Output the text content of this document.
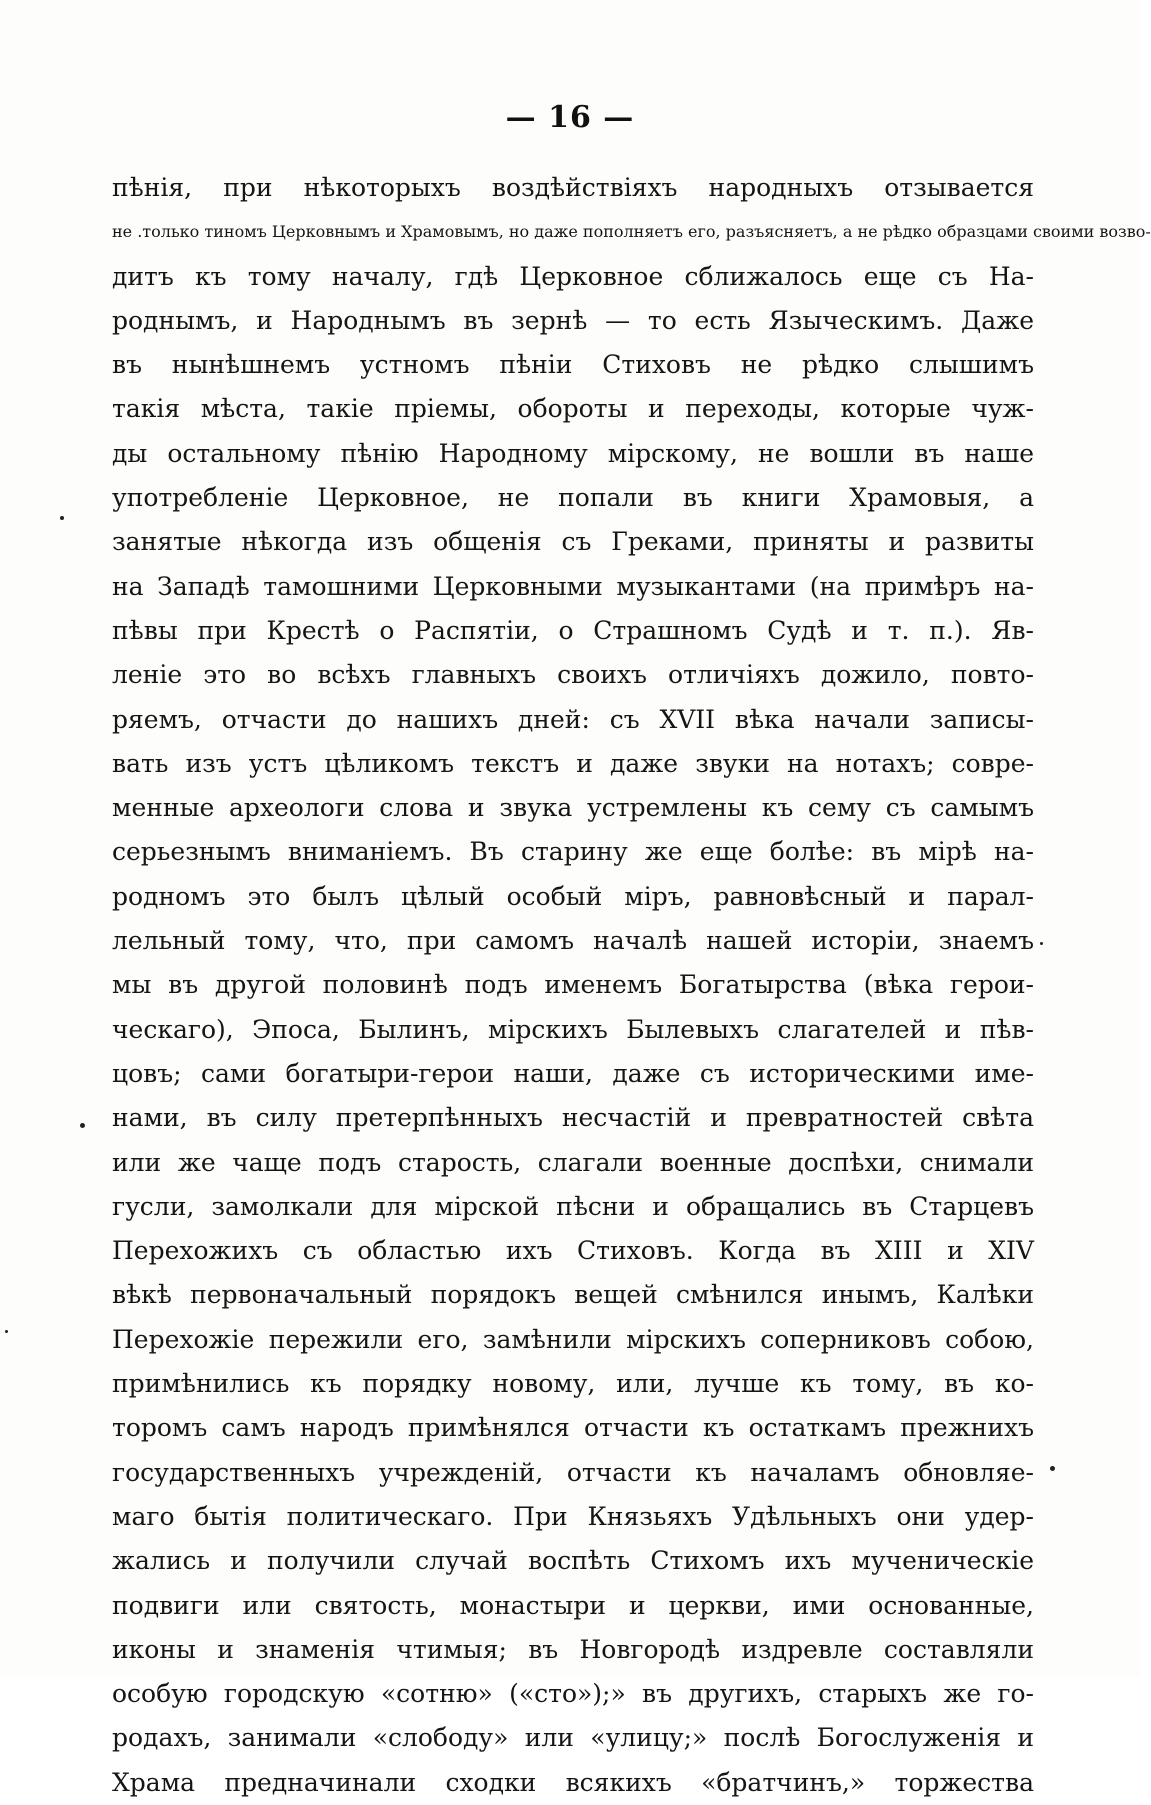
— 16 —
пѣнія, при нѣкоторыхъ воздѣйствіяхъ народныхъ отзывается
не .только тиномъ Церковнымъ и Храмовымъ, но даже пополняетъ его, разъясняетъ, а не рѣдко образцами своими возво-
дитъ къ тому началу, гдѣ Церковное сближалось еще съ На-
роднымъ, и Народнымъ въ зернѣ — то есть Языческимъ. Даже
въ нынѣшнемъ устномъ пѣніи Стиховъ не рѣдко слышимъ
такія мѣста, такіе пріемы, обороты и переходы, которые чуж-
ды остальному пѣнію Народному мірскому, не вошли въ наше
употребленіе Церковное, не попали въ книги Храмовыя, а
занятые нѣкогда изъ общенія съ Греками, приняты и развиты
на Западѣ тамошними Церковными музыкантами (на примѣръ на-
пѣвы при Крестѣ о Распятіи, о Страшномъ Судѣ и т. п.). Яв-
леніе это во всѣхъ главныхъ своихъ отличіяхъ дожило, повто-
ряемъ, отчасти до нашихъ дней: съ XVII вѣка начали записы-
вать изъ устъ цѣликомъ текстъ и даже звуки на нотахъ; совре-
менные археологи слова и звука устремлены къ сему съ самымъ
серьезнымъ вниманіемъ. Въ старину же еще болѣе: въ мірѣ на-
родномъ это былъ цѣлый особый міръ, равновѣсный и парал-
лельный тому, что, при самомъ началѣ нашей исторіи, знаемъ
мы въ другой половинѣ подъ именемъ Богатырства (вѣка герои-
ческаго), Эпоса, Былинъ, мірскихъ Былевыхъ слагателей и пѣв-
цовъ; сами богатыри-герои наши, даже съ историческими име-
нами, въ силу претерпѣнныхъ несчастій и превратностей свѣта
или же чаще подъ старость, слагали военные доспѣхи, снимали
гусли, замолкали для мірской пѣсни и обращались въ Старцевъ
Перехожихъ съ областью ихъ Стиховъ. Когда въ XIII и XIV
вѣкѣ первоначальный порядокъ вещей смѣнился инымъ, Калѣки
Перехожіе пережили его, замѣнили мірскихъ соперниковъ собою,
примѣнились къ порядку новому, или, лучше къ тому, въ ко-
торомъ самъ народъ примѣнялся отчасти къ остаткамъ прежнихъ
государственныхъ учрежденій, отчасти къ началамъ обновляе-
маго бытія политическаго. При Князьяхъ Удѣльныхъ они удер-
жались и получили случай воспѣть Стихомъ ихъ мученическіе
подвиги или святость, монастыри и церкви, ими основанные,
иконы и знаменія чтимыя; въ Новгородѣ издревле составляли
особую городскую «сотню» («сто»);» въ другихъ, старыхъ же го-
родахъ, занимали «слободу» или «улицу;» послѣ Богослуженія и
Храма предначинали сходки всякихъ «братчинъ,» торжества
